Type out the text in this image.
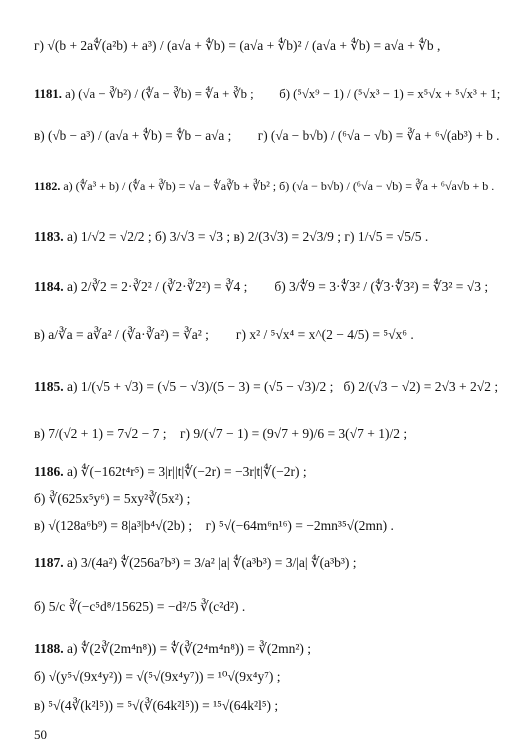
г) √(b + 2a∜(a²b) + a³) / (a√a + ∜b) = (a√a + ∜b)² / (a√a + ∜b) = a√a + ∜b ,
1181. а) (√a − ∛b²) / (∜a − ∛b) = ∜a + ∛b ;        б) (⁵√x⁹ − 1) / (⁵√x³ − 1) = x⁵√x + ⁵√x³ + 1;
в) (√b − a³) / (a√a + ∜b) = ∜b − a√a ;        г) (√a − b√b) / (⁶√a − √b) = ∛a + ⁶√(ab³) + b .
1182. а) (∜a³ + b) / (∜a + ∛b) = √a − ∜a∛b + ∛b² ; б) (√a − b√b) / (⁶√a − √b) = ∛a + ⁶√a√b + b .
1183. а) 1/√2 = √2/2 ; б) 3/√3 = √3 ; в) 2/(3√3) = 2√3/9 ; г) 1/√5 = √5/5 .
1184. а) 2/∛2 = 2·∛2² / (∛2·∛2²) = ∛4 ;        б) 3/∜9 = 3·∜3² / (∜3·∜3²) = ∜3² = √3 ;
в) a/∛a = a∛a² / (∛a·∛a²) = ∛a² ;        г) x² / ⁵√x⁴ = x^(2 − 4/5) = ⁵√x⁶ .
1185. а) 1/(√5 + √3) = (√5 − √3)/(5 − 3) = (√5 − √3)/2 ;   б) 2/(√3 − √2) = 2√3 + 2√2 ;
в) 7/(√2 + 1) = 7√2 − 7 ;    г) 9/(√7 − 1) = (9√7 + 9)/6 = 3(√7 + 1)/2 ;
1186. а) ∜(−162t⁴r⁵) = 3|r||t|∜(−2r) = −3r|t|∜(−2r) ;
б) ∛(625x⁵y⁶) = 5xy²∛(5x²) ;
в) √(128a⁶b⁹) = 8|a³|b⁴√(2b) ;    г) ⁵√(−64m⁶n¹⁶) = −2mn³⁵√(2mn) .
1187. а) 3/(4a²) ∜(256a⁷b³) = 3/a² |a| ∜(a³b³) = 3/|a| ∜(a³b³) ;
б) 5/c ∛(−c⁵d⁸/15625) = −d²/5 ∛(c²d²) .
1188. а) ∜(2∛(2m⁴n⁸)) = ∜(∛(2⁴m⁴n⁸)) = ∛(2mn²) ;
б) √(y⁵√(9x⁴y²)) = √(⁵√(9x⁴y⁷)) = ¹⁰√(9x⁴y⁷) ;
в) ⁵√(4∛(k²l⁵)) = ⁵√(∛(64k²l⁵)) = ¹⁵√(64k²l⁵) ;
50
